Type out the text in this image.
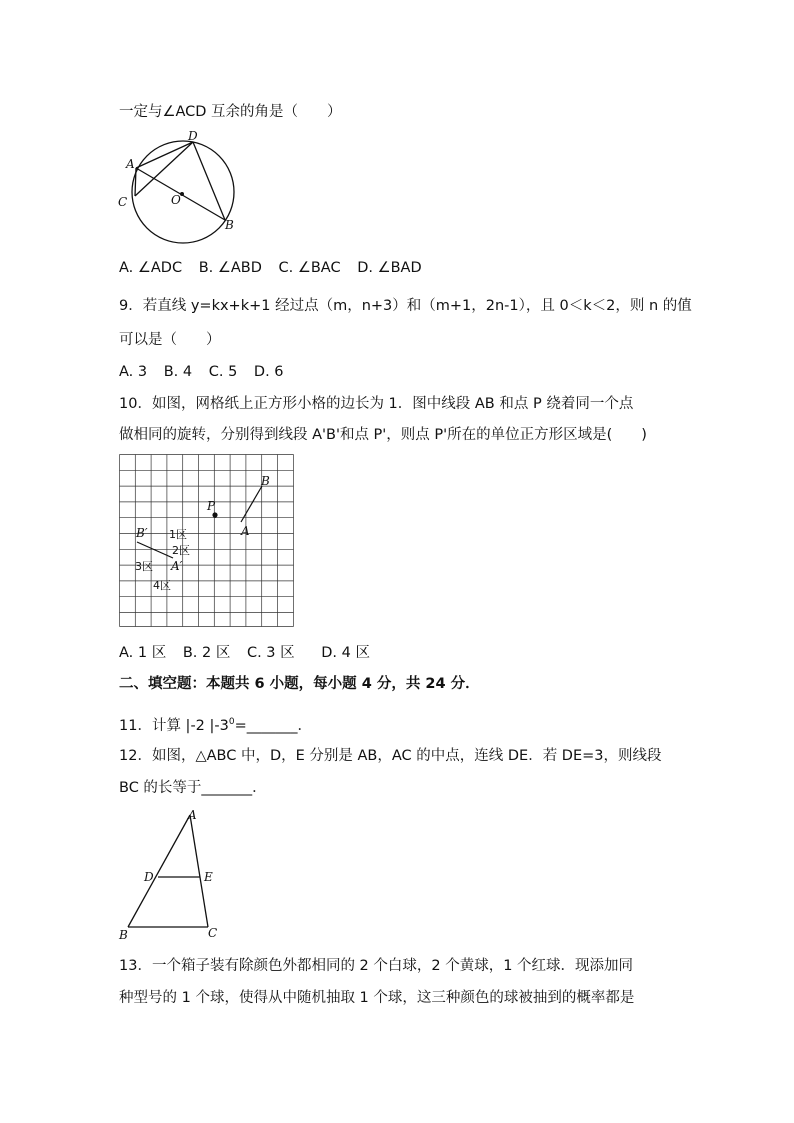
一定与∠ACD 互余的角是（　　）
D
A
C	O
B
A. ∠ADC B. ∠ABD C. ∠BAC D. ∠BAD
9．若直线 y=kx+k+1 经过点（m，n+3）和（m+1，2n-1），且 0＜k＜2，则 n 的值
可以是（　　）
A. 3 B. 4 C. 5 D. 6
10．如图，网格纸上正方形小格的边长为 1．图中线段 AB 和点 P 绕着同一个点
做相同的旋转，分别得到线段 A'B'和点 P'，则点 P'所在的单位正方形区域是(　　)
P
B
A
B′
A′
1区
2区
3区
4区
A. 1 区 B. 2 区 C. 3 区 D. 4 区
二、填空题：本题共 6 小题，每小题 4 分，共 24 分．
11．计算 |-2 $|-3^0=\_\_\_\_\_\_\_$．
12．如图，△ABC 中，D，E 分别是 AB，AC 的中点，连线 DE．若 DE=3，则线段
BC 的长等于_______．
A
D	E
B	C
13．一个箱子装有除颜色外都相同的 2 个白球，2 个黄球，1 个红球．现添加同
种型号的 1 个球，使得从中随机抽取 1 个球，这三种颜色的球被抽到的概率都是
